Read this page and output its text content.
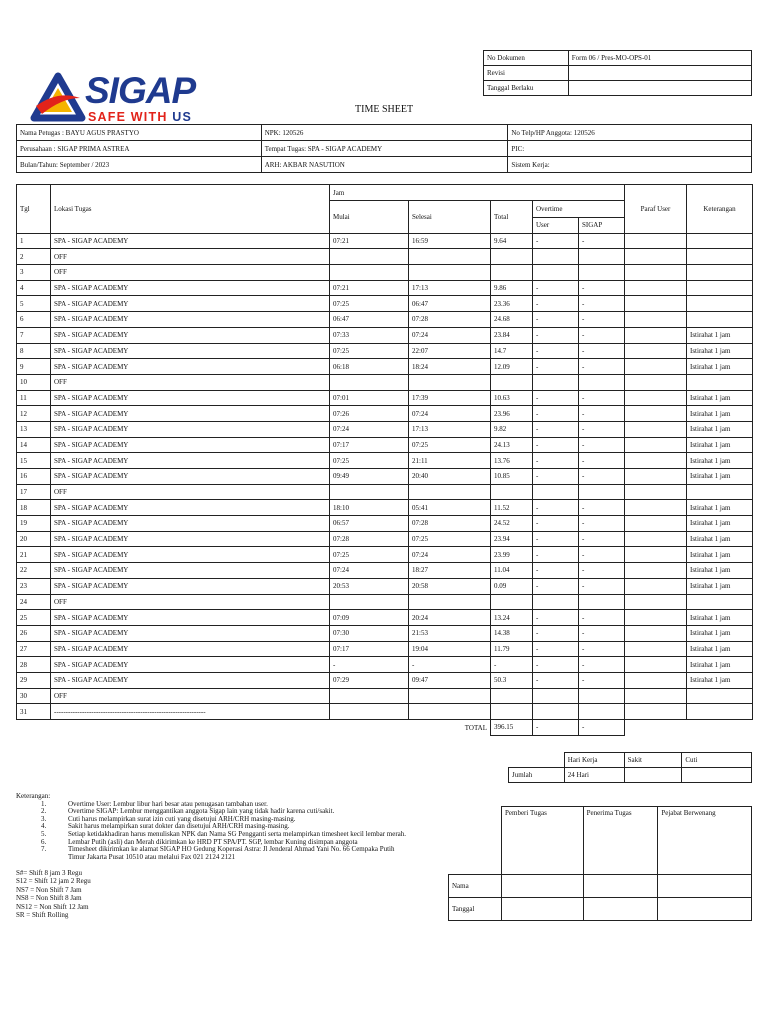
SIGAP
SAFE WITH US
No Dokumen	Form 06 / Pres-MO-OPS-01
Revisi	
Tanggal Berlaku	
TIME SHEET
Nama Petugas : BAYU AGUS PRASTYO	NPK: 120526	No Telp/HP Anggota: 120526
Perusahaan : SIGAP PRIMA ASTREA	Tempat Tugas: SPA - SIGAP ACADEMY	PIC:
Bulan/Tahun: September / 2023	ARH: AKBAR NASUTION	Sistem Kerja:
Tgl	Lokasi Tugas	Jam					Paraf User	Keterangan
		Mulai	Selesai	Total	Overtime			
					User	SIGAP		
1	SPA - SIGAP ACADEMY	07:21	16:59	9.64	-	-		
2	OFF							
3	OFF							
4	SPA - SIGAP ACADEMY	07:21	17:13	9.86	-	-		
5	SPA - SIGAP ACADEMY	07:25	06:47	23.36	-	-		
6	SPA - SIGAP ACADEMY	06:47	07:28	24.68	-	-		
7	SPA - SIGAP ACADEMY	07:33	07:24	23.84	-	-		Istirahat 1 jam
8	SPA - SIGAP ACADEMY	07:25	22:07	14.7	-	-		Istirahat 1 jam
9	SPA - SIGAP ACADEMY	06:18	18:24	12.09	-	-		Istirahat 1 jam
10	OFF							
11	SPA - SIGAP ACADEMY	07:01	17:39	10.63	-	-		Istirahat 1 jam
12	SPA - SIGAP ACADEMY	07:26	07:24	23.96	-	-		Istirahat 1 jam
13	SPA - SIGAP ACADEMY	07:24	17:13	9.82	-	-		Istirahat 1 jam
14	SPA - SIGAP ACADEMY	07:17	07:25	24.13	-	-		Istirahat 1 jam
15	SPA - SIGAP ACADEMY	07:25	21:11	13.76	-	-		Istirahat 1 jam
16	SPA - SIGAP ACADEMY	09:49	20:40	10.85	-	-		Istirahat 1 jam
17	OFF							
18	SPA - SIGAP ACADEMY	18:10	05:41	11.52	-	-		Istirahat 1 jam
19	SPA - SIGAP ACADEMY	06:57	07:28	24.52	-	-		Istirahat 1 jam
20	SPA - SIGAP ACADEMY	07:28	07:25	23.94	-	-		Istirahat 1 jam
21	SPA - SIGAP ACADEMY	07:25	07:24	23.99	-	-		Istirahat 1 jam
22	SPA - SIGAP ACADEMY	07:24	18:27	11.04	-	-		Istirahat 1 jam
23	SPA - SIGAP ACADEMY	20:53	20:58	0.09	-	-		Istirahat 1 jam
24	OFF							
25	SPA - SIGAP ACADEMY	07:09	20:24	13.24	-	-		Istirahat 1 jam
26	SPA - SIGAP ACADEMY	07:30	21:53	14.38	-	-		Istirahat 1 jam
27	SPA - SIGAP ACADEMY	07:17	19:04	11.79	-	-		Istirahat 1 jam
28	SPA - SIGAP ACADEMY	-	-	-	-	-		Istirahat 1 jam
29	SPA - SIGAP ACADEMY	07:29	09:47	50.3	-	-		Istirahat 1 jam
30	OFF							
31	-----------------------------------------------------------------							
TOTAL				396.15	-	-		
	Hari Kerja	Sakit	Cuti
Jumlah	24 Hari		
Keterangan:
1.	Overtime User: Lembur libur hari besar atau penugasan tambahan user.
2.	Overtime SIGAP: Lembur menggantikan anggota Sigap lain yang tidak hadir karena cuti/sakit.
3.	Cuti harus melampirkan surat izin cuti yang disetujui ARH/CRH masing-masing.
4.	Sakit harus melampirkan surat dokter dan disetujui ARH/CRH masing-masing.
5.	Setiap ketidakhadiran harus menuliskan NPK dan Nama SG Pengganti serta melampirkan timesheet kecil lembar merah.
6.	Lembar Putih (asli) dan Merah dikirimkan ke HRD PT SPA/PT. SGP, lembar Kuning disimpan anggota
7.	Timesheet dikirimkan ke alamat SIGAP HO Gedung Koperasi Astra: Jl Jenderal Ahmad Yani No. 66 Cempaka Putih Timur Jakarta Pusat 10510 atau melalui Fax 021 2124 2121
S#= Shift 8 jam 3 Regu
S12 = Shift 12 jam 2 Regu
NS7 = Non Shift 7 Jam
NS8 = Non Shift 8 Jam
NS12 = Non Shift 12 Jam
SR = Shift Rolling
Pemberi Tugas	Penerima Tugas	Pejabat Berwenang
Nama			
Tanggal			
